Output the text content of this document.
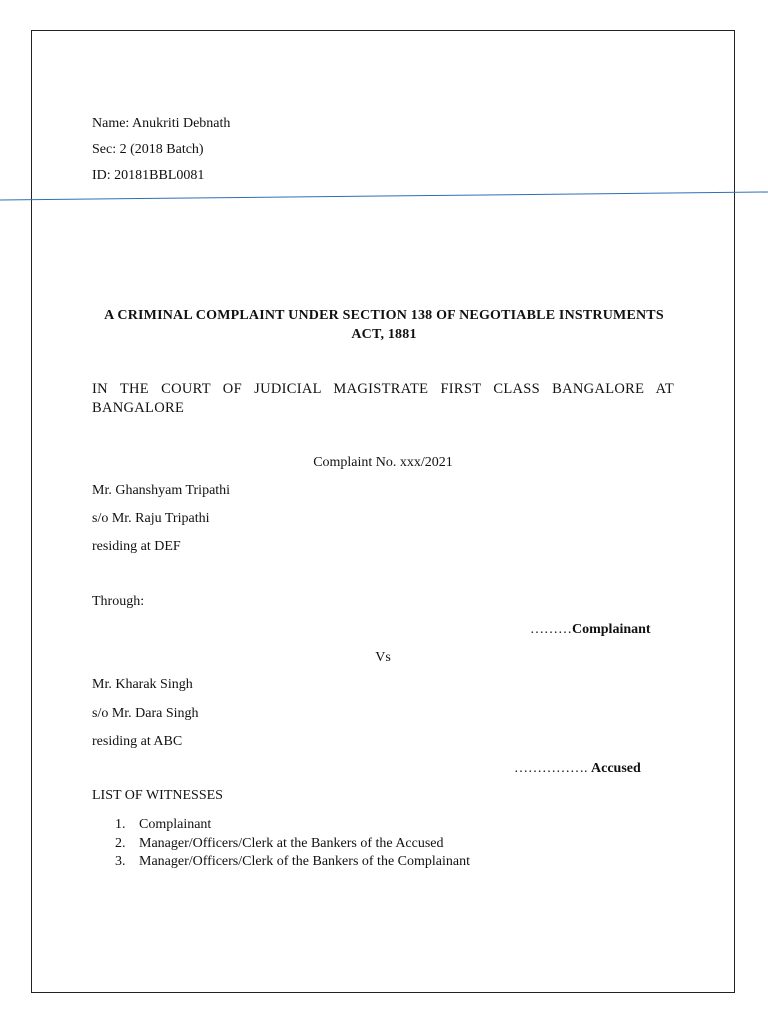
Name: Anukriti Debnath
Sec: 2 (2018 Batch)
ID: 20181BBL0081
A CRIMINAL COMPLAINT UNDER SECTION 138 OF NEGOTIABLE INSTRUMENTS ACT, 1881
IN THE COURT OF JUDICIAL MAGISTRATE FIRST CLASS BANGALORE AT BANGALORE
Complaint No. xxx/2021
Mr. Ghanshyam Tripathi
s/o Mr. Raju Tripathi
residing at DEF
Through:
………Complainant
Vs
Mr. Kharak Singh
s/o Mr. Dara Singh
residing at ABC
……………. Accused
LIST OF WITNESSES
1. Complainant
2. Manager/Officers/Clerk at the Bankers of the Accused
3. Manager/Officers/Clerk of the Bankers of the Complainant
